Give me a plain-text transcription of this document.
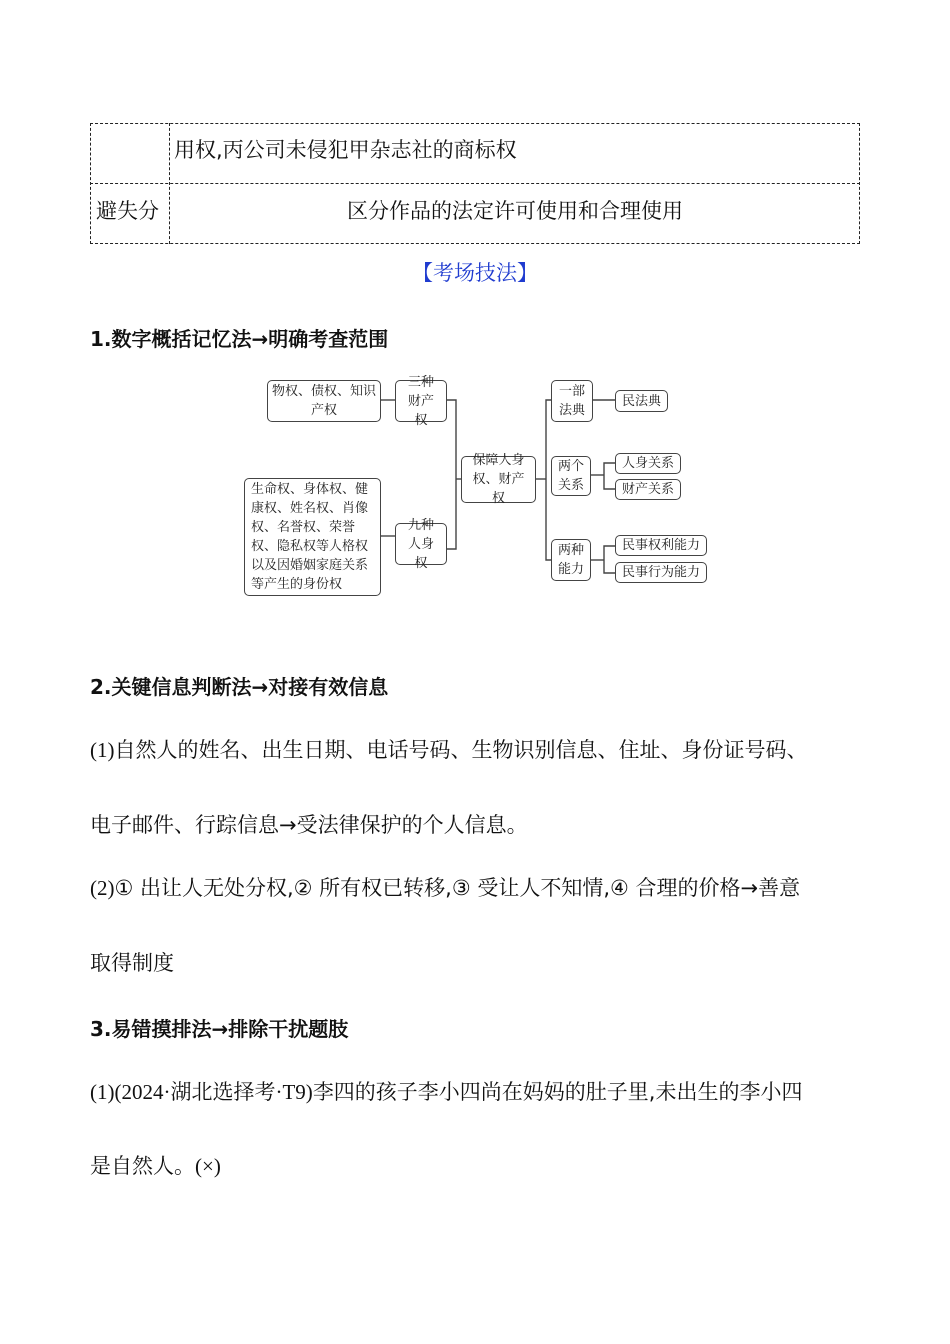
用权,丙公司未侵犯甲杂志社的商标权
避失分	区分作品的法定许可使用和合理使用
【考场技法】
1.数字概括记忆法→明确考查范围
物权、债权、知识产权
三种财产权
生命权、身体权、健康权、姓名权、肖像权、名誉权、荣誉权、隐私权等人格权以及因婚姻家庭关系等产生的身份权
九种人身权
保障人身权、财产权
一部法典
民法典
两个关系
人身关系
财产关系
两种能力
民事权利能力
民事行为能力
2.关键信息判断法→对接有效信息
(1)自然人的姓名、出生日期、电话号码、生物识别信息、住址、身份证号码、
电子邮件、行踪信息→受法律保护的个人信息。
(2)① 出让人无处分权,② 所有权已转移,③ 受让人不知情,④ 合理的价格→善意
取得制度
3.易错摸排法→排除干扰题肢
(1)(2024·湖北选择考·T9)李四的孩子李小四尚在妈妈的肚子里,未出生的李小四
是自然人。(×)
